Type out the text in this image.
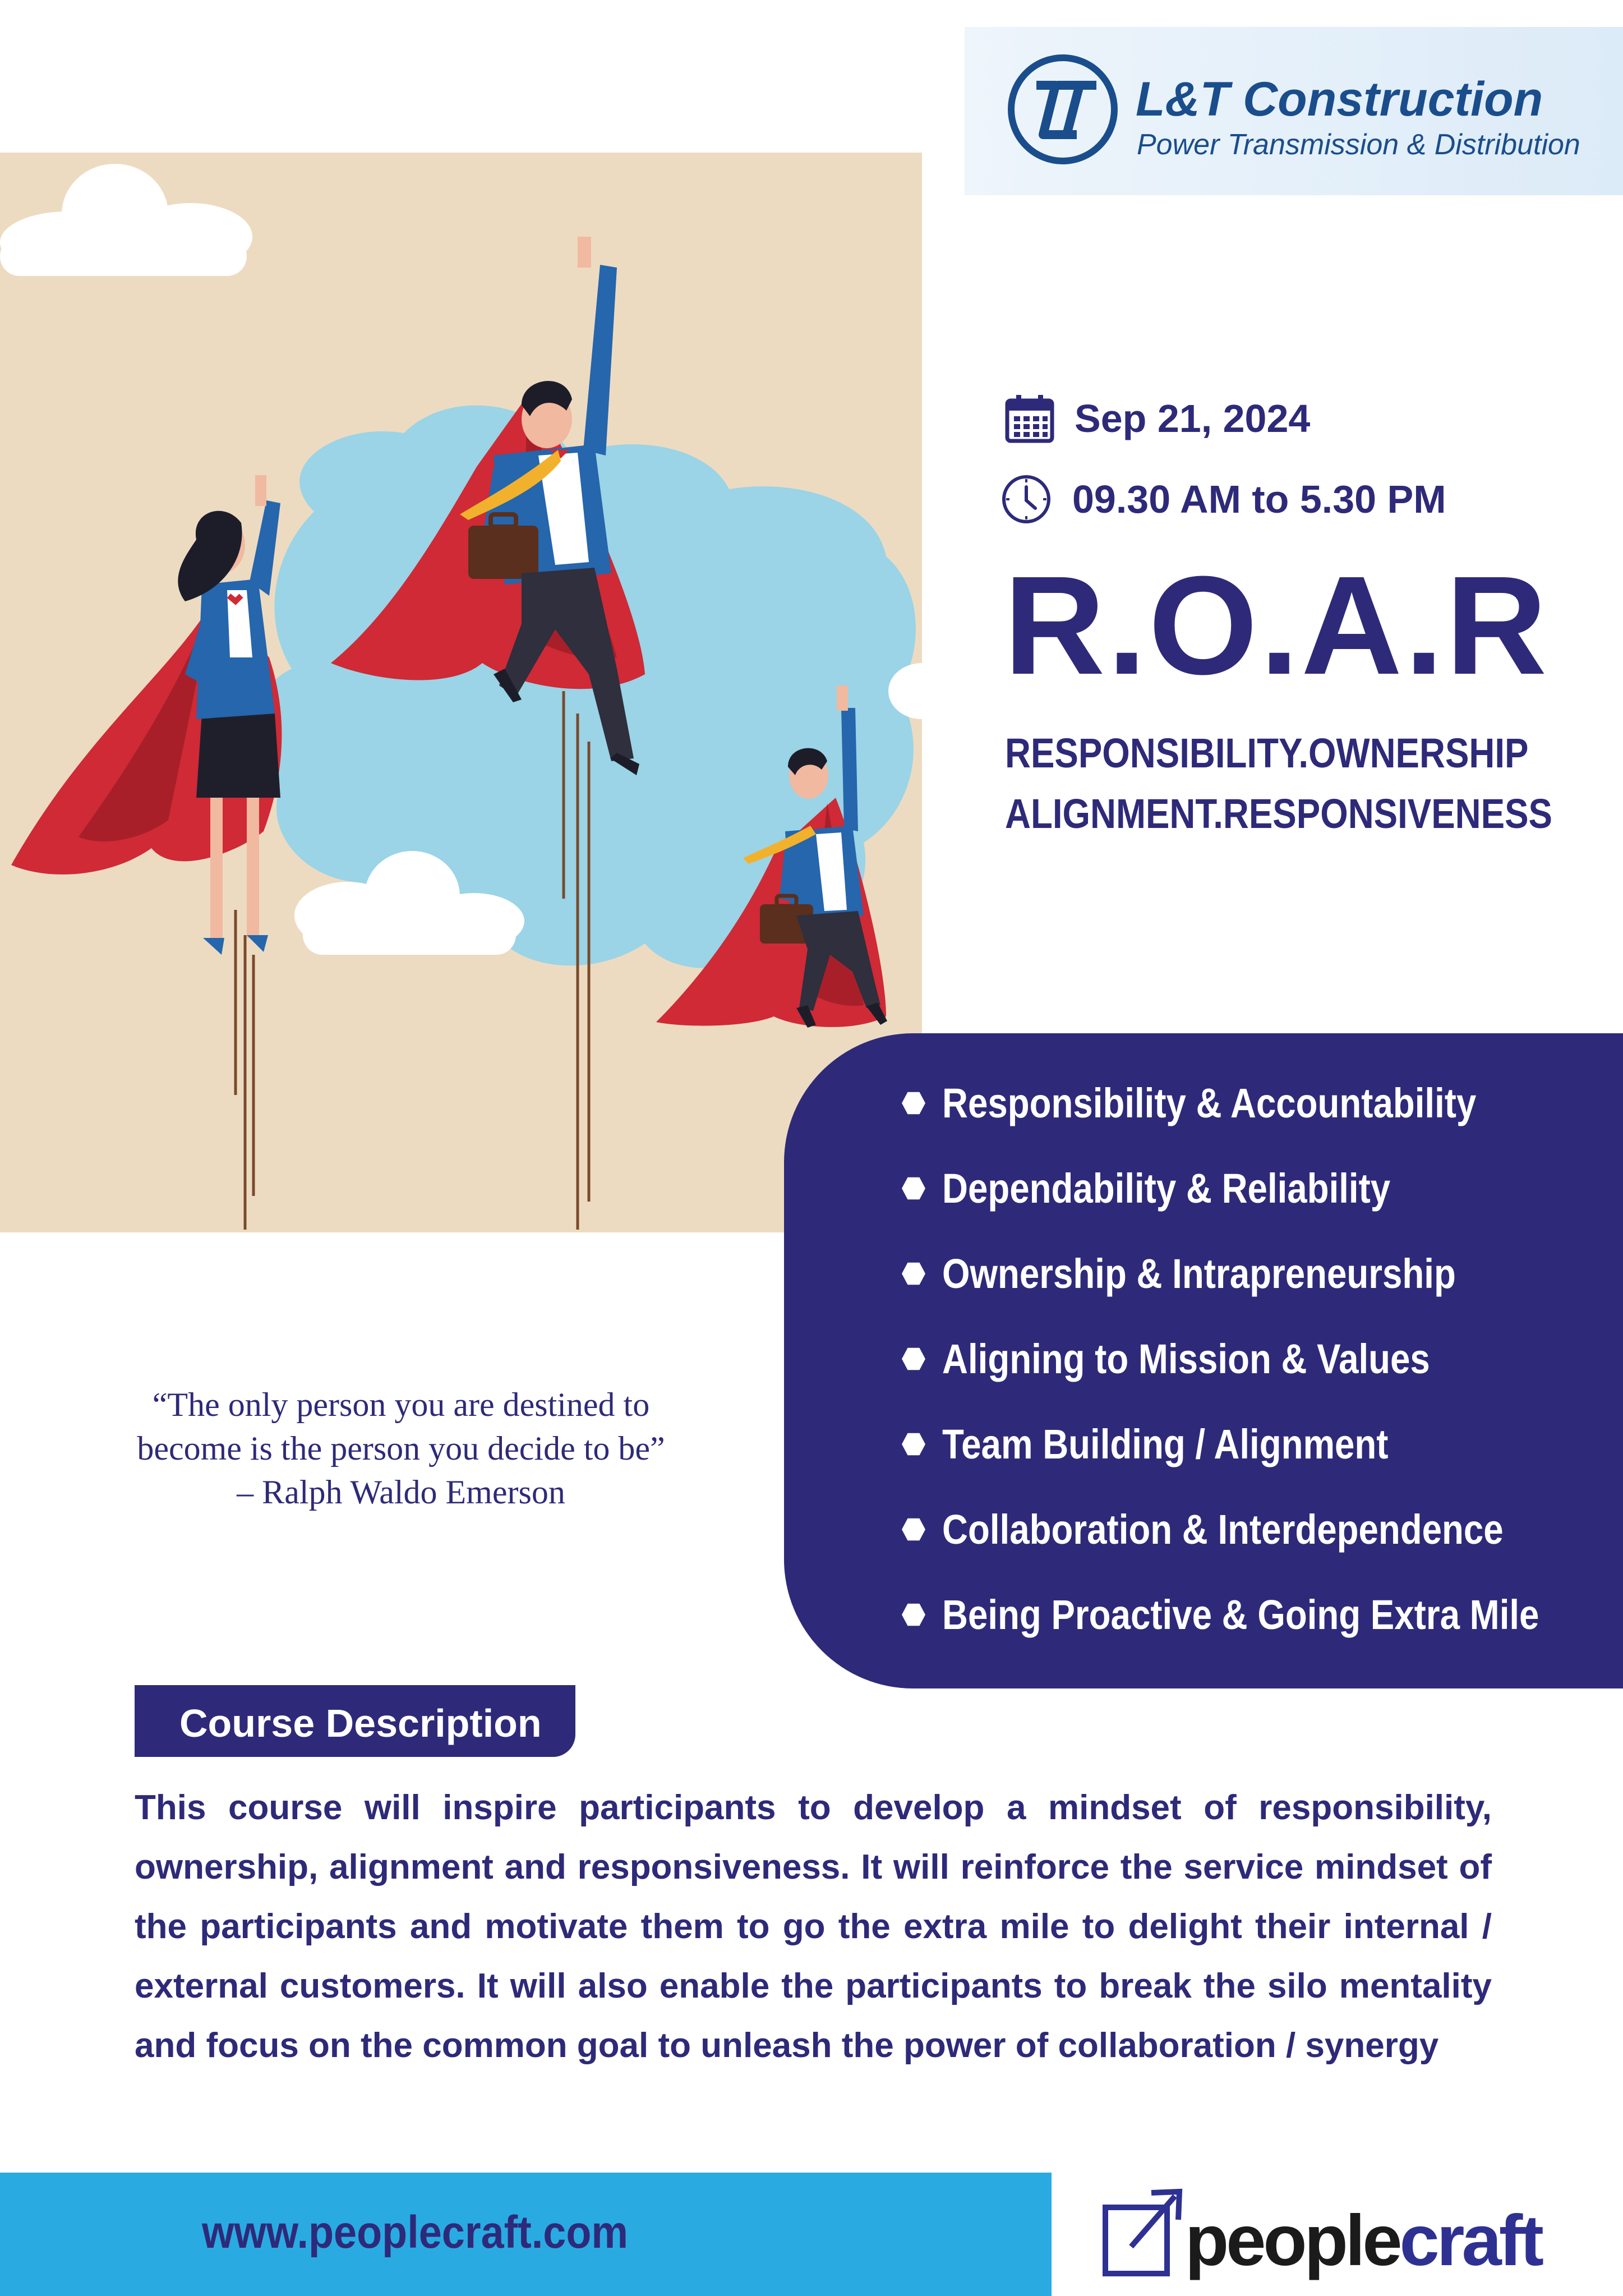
L&T Construction
Power Transmission & Distribution
Sep 21, 2024
09.30 AM to 5.30 PM
R.O.A.R
RESPONSIBILITY.OWNERSHIP
ALIGNMENT.RESPONSIVENESS
Responsibility & Accountability
Dependability & Reliability
Ownership & Intrapreneurship
Aligning to Mission & Values
Team Building / Alignment
Collaboration & Interdependence
Being Proactive & Going Extra Mile
“The only person you are destined to
become is the person you decide to be”
– Ralph Waldo Emerson
Course Description
This course will inspire participants to develop a mindset of responsibility, ownership, alignment and responsiveness. It will reinforce the service mindset of the participants and motivate them to go the extra mile to delight their internal / external customers. It will also enable the participants to break the silo mentality and focus on the common goal to unleash the power of collaboration / synergy
www.peoplecraft.com	peoplecraft
